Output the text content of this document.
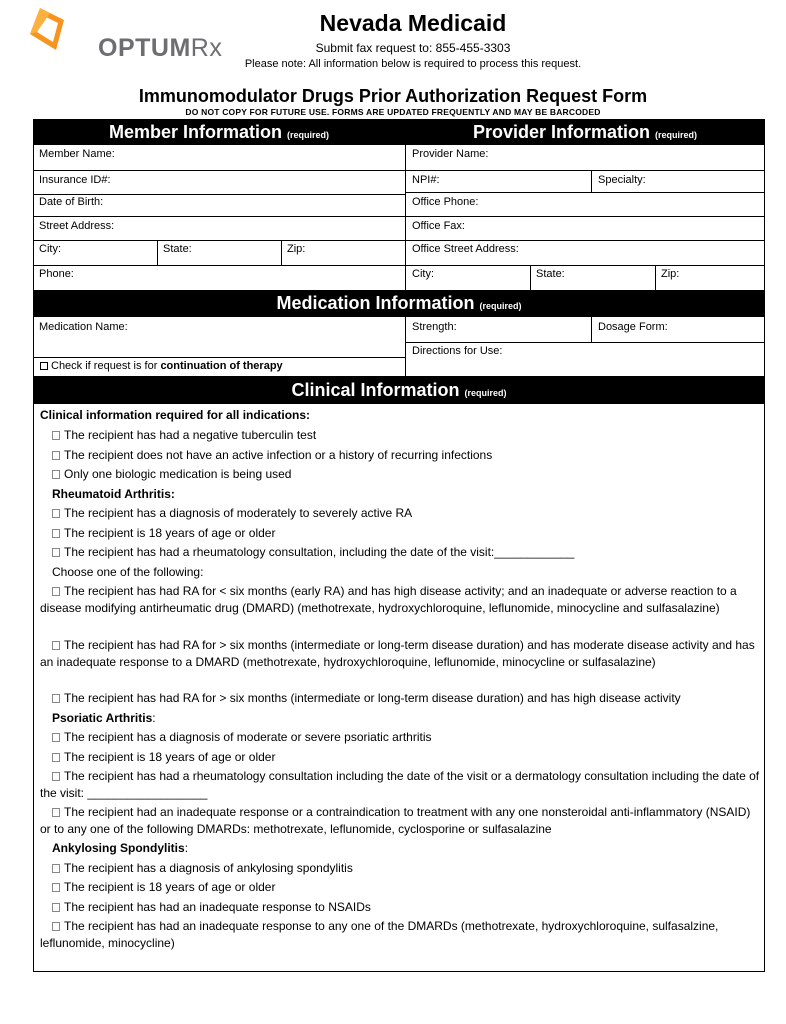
OPTUMRx
Nevada Medicaid
Submit fax request to: 855-455-3303
Please note: All information below is required to process this request.
Immunomodulator Drugs Prior Authorization Request Form
DO NOT COPY FOR FUTURE USE. FORMS ARE UPDATED FREQUENTLY AND MAY BE BARCODED
Member Information (required)	Provider Information (required)
Member Name:
Insurance ID#:
Date of Birth:
Street Address:
City:	State:	Zip:
Phone:
Provider Name:
NPI#:	Specialty:
Office Phone:
Office Fax:
Office Street Address:
City:	State:	Zip:
Medication Information (required)
Medication Name:	Strength:	Dosage Form:
Directions for Use:
Check if request is for continuation of therapy
Clinical Information (required)
Clinical information required for all indications:
The recipient has had a negative tuberculin test
The recipient does not have an active infection or a history of recurring infections
Only one biologic medication is being used
Rheumatoid Arthritis:
The recipient has a diagnosis of moderately to severely active RA
The recipient is 18 years of age or older
The recipient has had a rheumatology consultation, including the date of the visit:____________
Choose one of the following:
The recipient has had RA for < six months (early RA) and has high disease activity; and an inadequate or adverse reaction to a disease modifying antirheumatic drug (DMARD) (methotrexate, hydroxychloroquine, leflunomide, minocycline and sulfasalazine)
The recipient has had RA for > six months (intermediate or long-term disease duration) and has moderate disease activity and has an inadequate response to a DMARD (methotrexate, hydroxychloroquine, leflunomide, minocycline or sulfasalazine)
The recipient has had RA for > six months (intermediate or long-term disease duration) and has high disease activity
Psoriatic Arthritis:
The recipient has a diagnosis of moderate or severe psoriatic arthritis
The recipient is 18 years of age or older
The recipient has had a rheumatology consultation including the date of the visit or a dermatology consultation including the date of the visit: __________________
The recipient had an inadequate response or a contraindication to treatment with any one nonsteroidal anti-inflammatory (NSAID) or to any one of the following DMARDs: methotrexate, leflunomide, cyclosporine or sulfasalazine
Ankylosing Spondylitis:
The recipient has a diagnosis of ankylosing spondylitis
The recipient is 18 years of age or older
The recipient has had an inadequate response to NSAIDs
The recipient has had an inadequate response to any one of the DMARDs (methotrexate, hydroxychloroquine, sulfasalzine, leflunomide, minocycline)
